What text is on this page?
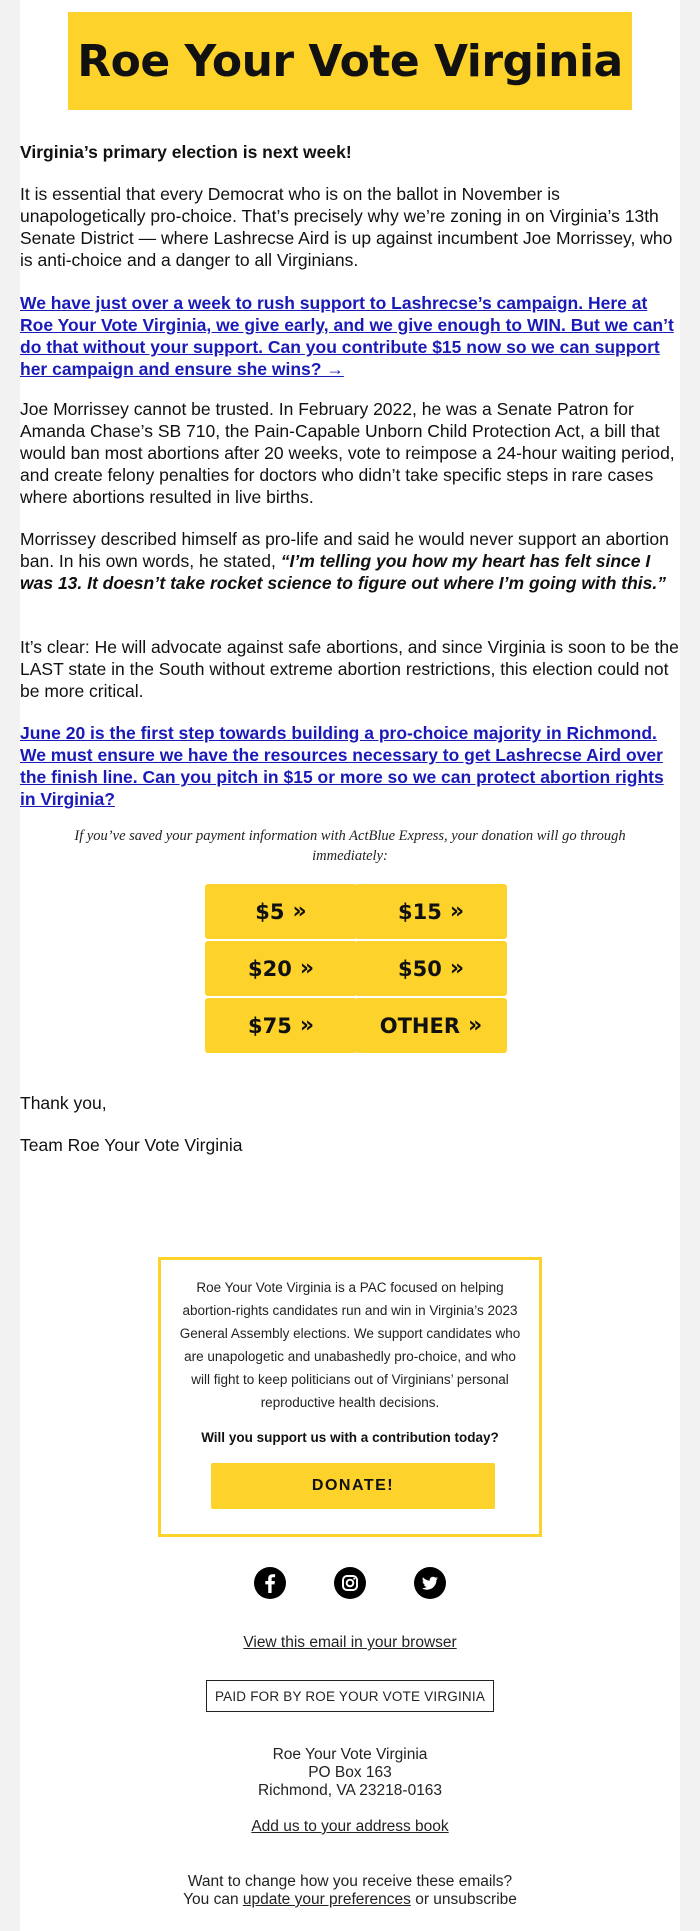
Roe Your Vote Virginia

Virginia’s primary election is next week!

It is essential that every Democrat who is on the ballot in November is unapologetically pro-choice. That’s precisely why we’re zoning in on Virginia’s 13th Senate District — where Lashrecse Aird is up against incumbent Joe Morrissey, who is anti-choice and a danger to all Virginians.

We have just over a week to rush support to Lashrecse’s campaign. Here at Roe Your Vote Virginia, we give early, and we give enough to WIN. But we can’t do that without your support. Can you contribute $15 now so we can support her campaign and ensure she wins? →

Joe Morrissey cannot be trusted. In February 2022, he was a Senate Patron for Amanda Chase’s SB 710, the Pain-Capable Unborn Child Protection Act, a bill that would ban most abortions after 20 weeks, vote to reimpose a 24-hour waiting period, and create felony penalties for doctors who didn’t take specific steps in rare cases where abortions resulted in live births.

Morrissey described himself as pro-life and said he would never support an abortion ban. In his own words, he stated, “I’m telling you how my heart has felt since I was 13. It doesn’t take rocket science to figure out where I’m going with this.”

It’s clear: He will advocate against safe abortions, and since Virginia is soon to be the LAST state in the South without extreme abortion restrictions, this election could not be more critical.

June 20 is the first step towards building a pro-choice majority in Richmond. We must ensure we have the resources necessary to get Lashrecse Aird over the finish line. Can you pitch in $15 or more so we can protect abortion rights in Virginia?

If you’ve saved your payment information with ActBlue Express, your donation will go through immediately:
$5 »	$15 »
$20 »	$50 »
$75 »	OTHER »

Thank you,

Team Roe Your Vote Virginia

Roe Your Vote Virginia is a PAC focused on helping abortion-rights candidates run and win in Virginia’s 2023 General Assembly elections. We support candidates who are unapologetic and unabashedly pro-choice, and who will fight to keep politicians out of Virginians’ personal reproductive health decisions.
Will you support us with a contribution today?
DONATE!
View this email in your browser
PAID FOR BY ROE YOUR VOTE VIRGINIA
Roe Your Vote Virginia
PO Box 163
Richmond, VA 23218-0163
Add us to your address book
Want to change how you receive these emails?
You can update your preferences or unsubscribe
